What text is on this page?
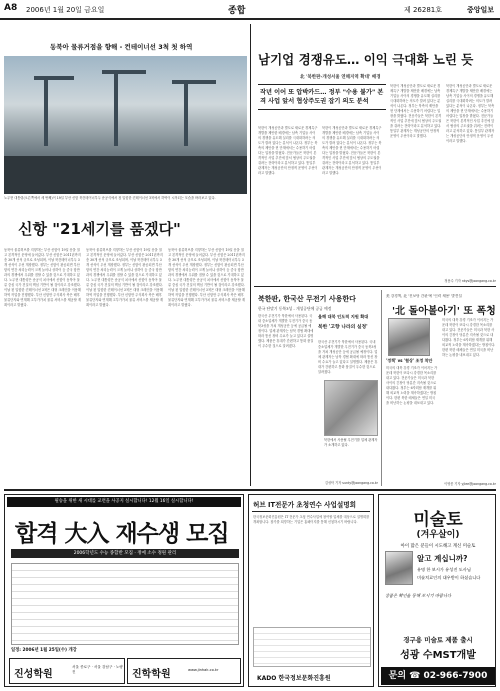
A8 2006년 1월 20일 금요일	종합	제 26281호	중앙일보
동북아 물류거점을 향해 - 컨테이너선 3척 첫 하역
노무현 대통령(오른쪽에서 세 번째)이 19일 부산 신항 북컨테이너부두 준공식에서 첫 입항한 컨테이너선 3척에서 하역이 시작되는 모습을 바라보고 있다.
신항 "21세기를 품겠다"
동북아 물류허브를 지향하는 부산 신항이 19일 문을 열고 본격적인 운영에 들어갔다. 부산 신항은 2011년까지 총 30개 선석 규모로 조성되며, 이날 북컨테이너부두 3개 선석이 우선 개장했다. 정부는 신항이 완공되면 부산항의 연간 처리능력이 크게 늘어나 상하이 등 중국 항만과의 경쟁에서 우위를 점할 수 있을 것으로 기대하고 있다. 노무현 대통령은 준공식 치사에서 신항이 동북아 물류 중심 국가 건설의 핵심 기반이 될 것이라고 강조했다. 이날 첫 입항한 컨테이너선 3척은 대형 크레인을 이용해 하역 작업을 진행했다. 부산 신항만 주식회사 측은 배후 물류단지와 연계해 고부가가치 물류 서비스를 제공할 계획이라고 밝혔다.
동북아 물류허브를 지향하는 부산 신항이 19일 문을 열고 본격적인 운영에 들어갔다. 부산 신항은 2011년까지 총 30개 선석 규모로 조성되며, 이날 북컨테이너부두 3개 선석이 우선 개장했다. 정부는 신항이 완공되면 부산항의 연간 처리능력이 크게 늘어나 상하이 등 중국 항만과의 경쟁에서 우위를 점할 수 있을 것으로 기대하고 있다. 노무현 대통령은 준공식 치사에서 신항이 동북아 물류 중심 국가 건설의 핵심 기반이 될 것이라고 강조했다. 이날 첫 입항한 컨테이너선 3척은 대형 크레인을 이용해 하역 작업을 진행했다. 부산 신항만 주식회사 측은 배후 물류단지와 연계해 고부가가치 물류 서비스를 제공할 계획이라고 밝혔다.
동북아 물류허브를 지향하는 부산 신항이 19일 문을 열고 본격적인 운영에 들어갔다. 부산 신항은 2011년까지 총 30개 선석 규모로 조성되며, 이날 북컨테이너부두 3개 선석이 우선 개장했다. 정부는 신항이 완공되면 부산항의 연간 처리능력이 크게 늘어나 상하이 등 중국 항만과의 경쟁에서 우위를 점할 수 있을 것으로 기대하고 있다. 노무현 대통령은 준공식 치사에서 신항이 동북아 물류 중심 국가 건설의 핵심 기반이 될 것이라고 강조했다. 이날 첫 입항한 컨테이너선 3척은 대형 크레인을 이용해 하역 작업을 진행했다. 부산 신항만 주식회사 측은 배후 물류단지와 연계해 고부가가치 물류 서비스를 제공할 계획이라고 밝혔다.
남기업 경쟁유도… 이익 극대화 노린 듯
北 '북한판-개성서울 연해지역 확대' 배경
작년 이어 또 압박카드… 정부 "수용 불가" 본격 사업 앞서 협상주도권 잡기 의도 분석
북한이 개성공단과 별도로 새로운 경제특구 개발을 제안한 배경에는 남측 기업들 사이의 경쟁을 유도해 실리를 극대화하려는 의도가 깔려 있다는 분석이 나온다. 정부는 북측의 제안을 현 단계에서는 수용하기 어렵다는 입장을 밝혔다. 전문가들은 북한이 본격적인 사업 추진에 앞서 협상의 주도권을 쥐려는 전략이라고 분석하고 있다. 통일부 관계자는 개성공단의 안정적 운영이 우선이라고 말했다.
북한이 개성공단과 별도로 새로운 경제특구 개발을 제안한 배경에는 남측 기업들 사이의 경쟁을 유도해 실리를 극대화하려는 의도가 깔려 있다는 분석이 나온다. 정부는 북측의 제안을 현 단계에서는 수용하기 어렵다는 입장을 밝혔다. 전문가들은 북한이 본격적인 사업 추진에 앞서 협상의 주도권을 쥐려는 전략이라고 분석하고 있다. 통일부 관계자는 개성공단의 안정적 운영이 우선이라고 말했다.
북한이 개성공단과 별도로 새로운 경제특구 개발을 제안한 배경에는 남측 기업들 사이의 경쟁을 유도해 실리를 극대화하려는 의도가 깔려 있다는 분석이 나온다. 정부는 북측의 제안을 현 단계에서는 수용하기 어렵다는 입장을 밝혔다. 전문가들은 북한이 본격적인 사업 추진에 앞서 협상의 주도권을 쥐려는 전략이라고 분석하고 있다. 통일부 관계자는 개성공단의 안정적 운영이 우선이라고 말했다.
북한이 개성공단과 별도로 새로운 경제특구 개발을 제안한 배경에는 남측 기업들 사이의 경쟁을 유도해 실리를 극대화하려는 의도가 깔려 있다는 분석이 나온다. 정부는 북측의 제안을 현 단계에서는 수용하기 어렵다는 입장을 밝혔다. 전문가들은 북한이 본격적인 사업 추진에 앞서 협상의 주도권을 쥐려는 전략이라고 분석하고 있다. 통일부 관계자는 개성공단의 안정적 운영이 우선이라고 말했다.
정용수 기자 nkys@joongang.co.kr
북한판, 한국산 무전기 사용한다
한국 단말기 동북3성 - 개성공단에 공급 예정
한국산 무전기가 북한에서 사용된다. 국내 중소업체가 개발한 무전기가 중국 동북3성을 거쳐 개성공단 등에 공급될 예정이다. 업체 관계자는 남북 경협 확대에 따라 통신 장비 수요가 늘고 있다고 설명했다. 제품은 휴대가 간편하고 통화 품질이 우수한 것으로 알려졌다.
올해 대북 인도적 지원 확대
북한 '고향 나라의 실정'
한국산 무전기가 북한에서 사용된다. 국내 중소업체가 개발한 무전기가 중국 동북3성을 거쳐 개성공단 등에 공급될 예정이다. 업체 관계자는 남북 경협 확대에 따라 통신 장비 수요가 늘고 있다고 설명했다. 제품은 휴대가 간편하고 통화 품질이 우수한 것으로 알려졌다.
북한에서 사용될 무전기를 업체 관계자가 소개하고 있다.
김성탁 기자 sunty@joongang.co.kr
美 강경책, 北 '진보당 간판'에 '인력 채용' 발견설
'北 돌아볼아기' 또 폭청
'정책' vs '협상' 조정 착안
미국의 대북 강경 기조가 이어지는 가운데 북한이 또다시 강경한 목소리를 내고 있다. 전문가들은 미국과 북한 사이의 긴장이 당분간 지속될 것으로 내다봤다. 정부는 6자회담 재개를 위해 외교적 노력을 계속하겠다는 방침이다. 한편 북한 매체들은 연일 미국을 비난하는 논평을 내보내고 있다.
미국의 대북 강경 기조가 이어지는 가운데 북한이 또다시 강경한 목소리를 내고 있다. 전문가들은 미국과 북한 사이의 긴장이 당분간 지속될 것으로 내다봤다. 정부는 6자회담 재개를 위해 외교적 노력을 계속하겠다는 방침이다. 한편 북한 매체들은 연일 미국을 비난하는 논평을 내보내고 있다.
이영종 기자 yjlee@joongang.co.kr
필승을 위한 새 시대를 교련을 사공지 실시합니다! 12월 16일 실시합니다!
합격 大入 재수생 모집
2006학년도 수능 종합반 모집 · 정예 소수 정원 관리
일정: 2006년 1월 25일(수) 개강
진성학원
서울 종로구 · 서울 강남구 · 노량진	진학학원	www.jinhak.co.kr
허브 IT전문가 초청연수 사업설명회
한국정보문화진흥원은 IT 전문가 초청 연수사업에 참여할 업체를 대상으로 설명회를 개최합니다. 참가를 희망하는 기업은 홈페이지를 통해 신청하시기 바랍니다.
KADO 한국정보문화진흥원
미술토
(겨우살이)
아이 많은 분들이 시도해고 계신 미술토
알고 계십니까?
유명 한 보시가 유성진 도사님
미술치료인의 대우받이 하셨습니다
상품은 확인을 통해 보시기 바랍니다
경구용 미술토 제품 출시
성광 수MST개발
문의 ☎ 02-966-7900
